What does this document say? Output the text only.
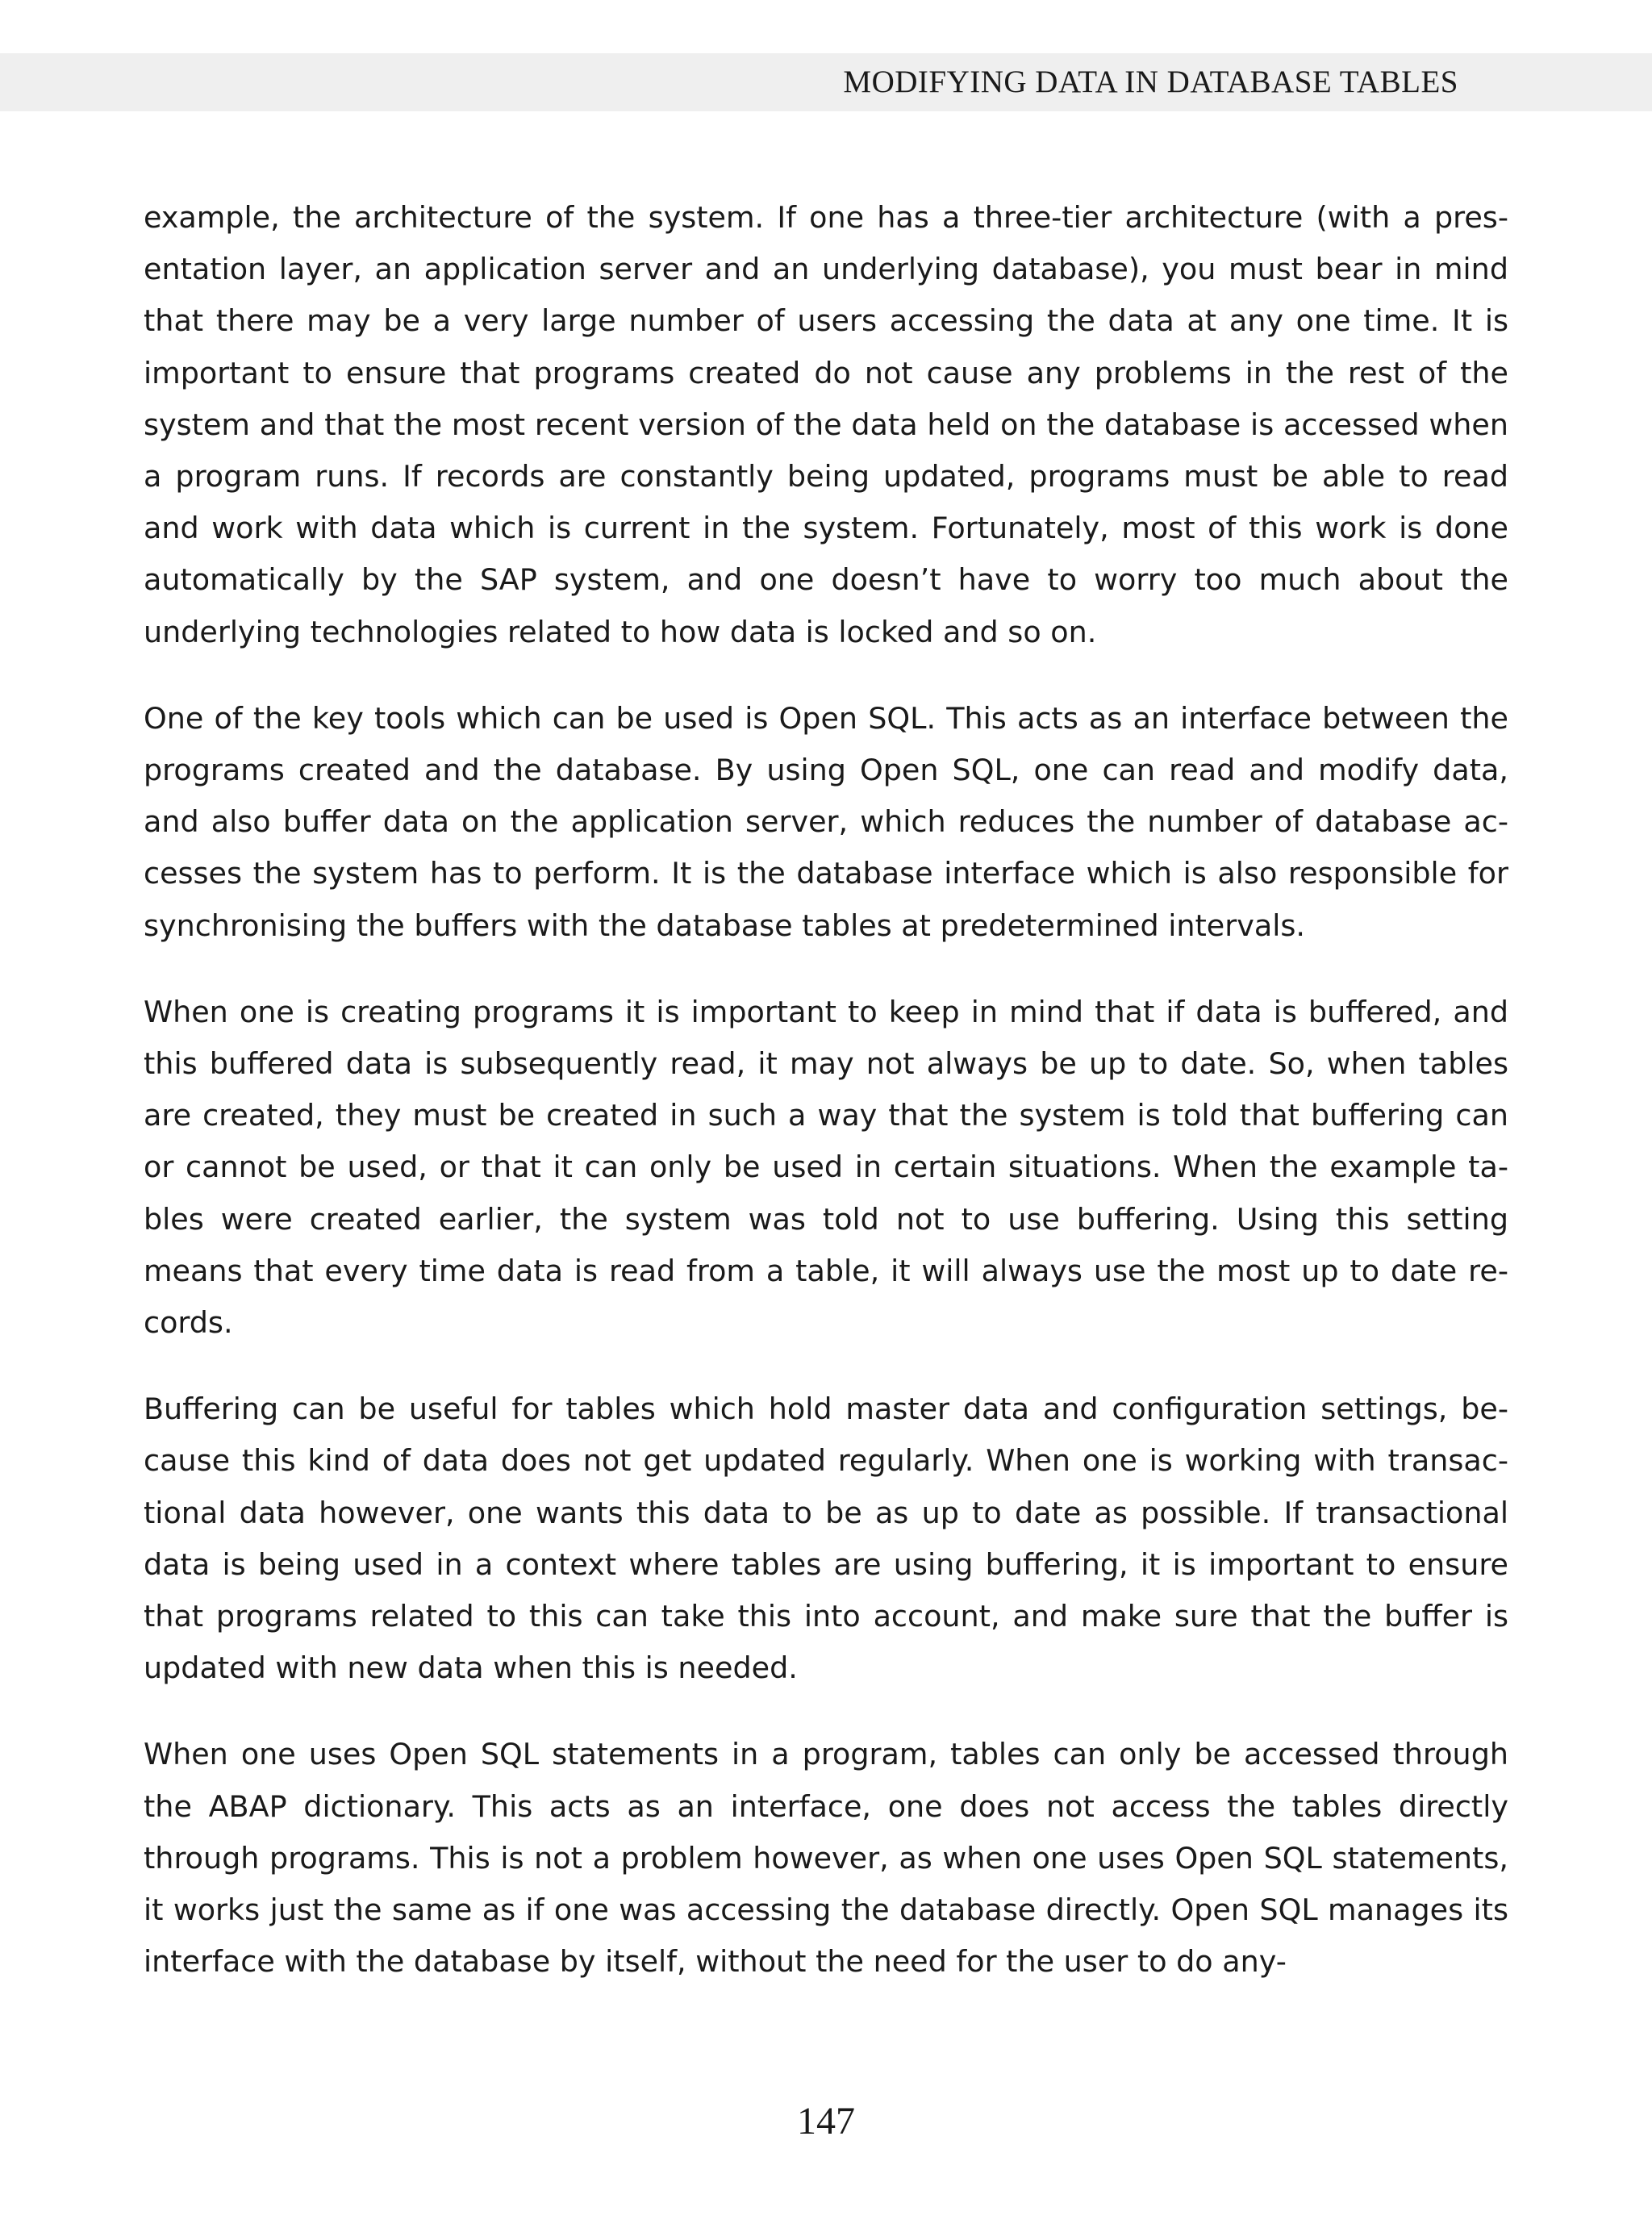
MODIFYING DATA IN DATABASE TABLES

example, the architecture of the system. If one has a three-tier architecture (with a presentation layer, an application server and an underlying database), you must bear in mind that there may be a very large number of users accessing the data at any one time. It is important to ensure that programs created do not cause any problems in the rest of the system and that the most recent version of the data held on the database is accessed when a program runs. If records are constantly being updated, programs must be able to read and work with data which is current in the system. Fortunately, most of this work is done automatically by the SAP system, and one doesn’t have to worry too much about the underlying technologies related to how data is locked and so on.

One of the key tools which can be used is Open SQL. This acts as an interface between the programs created and the database. By using Open SQL, one can read and modify data, and also buffer data on the application server, which reduces the number of database accesses the system has to perform. It is the database interface which is also responsible for synchronising the buffers with the database tables at predetermined intervals.

When one is creating programs it is important to keep in mind that if data is buffered, and this buffered data is subsequently read, it may not always be up to date. So, when tables are created, they must be created in such a way that the system is told that buffering can or cannot be used, or that it can only be used in certain situations. When the example tables were created earlier, the system was told not to use buffering. Using this setting means that every time data is read from a table, it will always use the most up to date records.

Buffering can be useful for tables which hold master data and configuration settings, because this kind of data does not get updated regularly. When one is working with transactional data however, one wants this data to be as up to date as possible. If transactional data is being used in a context where tables are using buffering, it is important to ensure that programs related to this can take this into account, and make sure that the buffer is updated with new data when this is needed.

When one uses Open SQL statements in a program, tables can only be accessed through the ABAP dictionary. This acts as an interface, one does not access the tables directly through programs. This is not a problem however, as when one uses Open SQL statements, it works just the same as if one was accessing the database directly. Open SQL manages its interface with the database by itself, without the need for the user to do any-

147
